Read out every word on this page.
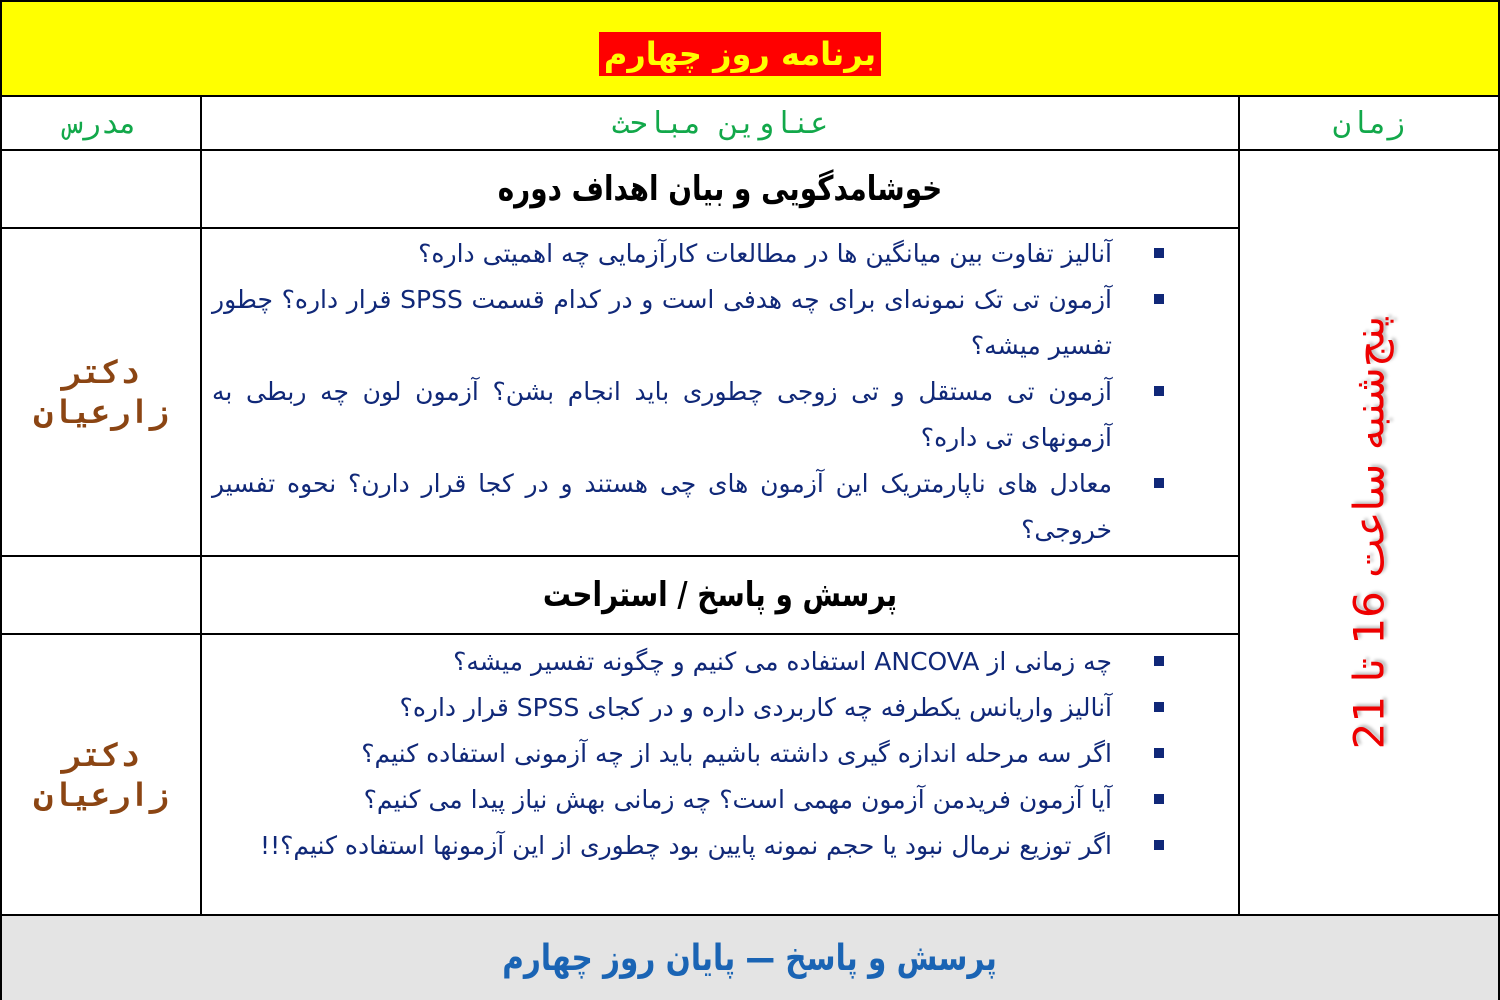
برنامه روز چهارم
مدرس	عناوین مباحث	زمان
خوشامدگویی و بیان اهداف دوره
دکتر
زارعیان
آنالیز تفاوت بین میانگین ها در مطالعات کارآزمایی چه اهمیتی داره؟
آزمون تی تک نمونه‌ای برای چه هدفی است و در کدام قسمت SPSS قرار داره؟ چطور تفسیر میشه؟
آزمون تی مستقل و تی زوجی چطوری باید انجام بشن؟ آزمون لون چه ربطی به آزمونهای تی داره؟
معادل های ناپارمتریک این آزمون های چی هستند و در کجا قرار دارن؟ نحوه تفسیر خروجی؟
پرسش و پاسخ / استراحت
دکتر
زارعیان
چه زمانی از ANCOVA استفاده می کنیم و چگونه تفسیر میشه؟
آنالیز واریانس یکطرفه چه کاربردی داره و در کجای SPSS قرار داره؟
اگر سه مرحله اندازه گیری داشته باشیم باید از چه آزمونی استفاده کنیم؟
آیا آزمون فریدمن آزمون مهمی است؟ چه زمانی بهش نیاز پیدا می کنیم؟
اگر توزیع نرمال نبود یا حجم نمونه پایین بود چطوری از این آزمونها استفاده کنیم؟!!
پنج‌شنبه ساعت 16 تا 21
پرسش و پاسخ — پایان روز چهارم
